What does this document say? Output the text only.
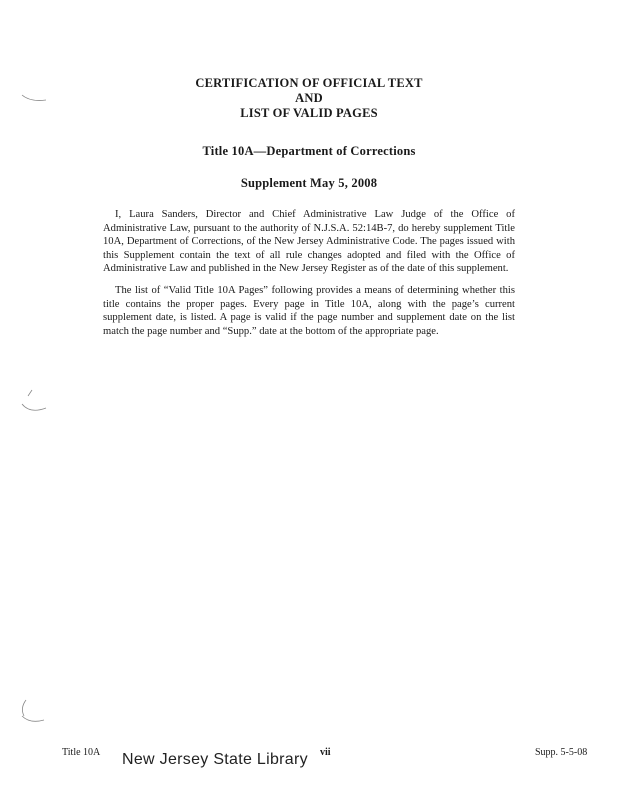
CERTIFICATION OF OFFICIAL TEXT
AND
LIST OF VALID PAGES
Title 10A—Department of Corrections
Supplement May 5, 2008

I, Laura Sanders, Director and Chief Administrative Law Judge of the Office of Administrative Law, pursuant to the authority of N.J.S.A. 52:14B-7, do hereby supplement Title 10A, Department of Corrections, of the New Jersey Administrative Code. The pages issued with this Supplement contain the text of all rule changes adopted and filed with the Office of Administrative Law and published in the New Jersey Register as of the date of this supplement.

The list of “Valid Title 10A Pages” following provides a means of determining whether this title contains the proper pages. Every page in Title 10A, along with the page’s current supplement date, is listed. A page is valid if the page number and supplement date on the list match the page number and “Supp.” date at the bottom of the appropriate page.

Title 10A	vii	Supp. 5-5-08
New Jersey State Library
